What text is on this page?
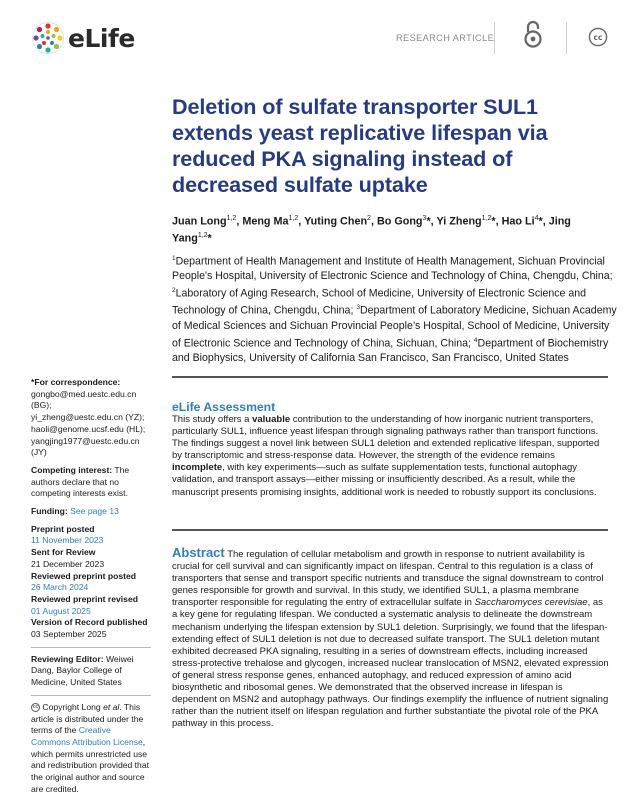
eLife	RESEARCH ARTICLE	cc
Deletion of sulfate transporter SUL1 extends yeast replicative lifespan via reduced PKA signaling instead of decreased sulfate uptake
Juan Long$^{1,2}$, Meng Ma$^{1,2}$, Yuting Chen$^2$, Bo Gong$^3$*, Yi Zheng$^{1,2}$*, Hao Li$^4$*, Jing Yang$^{1,2}$*
$^1$Department of Health Management and Institute of Health Management, Sichuan Provincial People's Hospital, University of Electronic Science and Technology of China, Chengdu, China; $^2$Laboratory of Aging Research, School of Medicine, University of Electronic Science and Technology of China, Chengdu, China; $^3$Department of Laboratory Medicine, Sichuan Academy of Medical Sciences and Sichuan Provincial People’s Hospital, School of Medicine, University of Electronic Science and Technology of China, Sichuan, China; $^4$Department of Biochemistry and Biophysics, University of California San Francisco, San Francisco, United States
*For correspondence:
gongbo@med.uestc.edu.cn (BG);
yi_zheng@uestc.edu.cn (YZ);
haoli@genome.ucsf.edu (HL);
yangjing1977@uestc.edu.cn (JY)
Competing interest: The authors declare that no competing interests exist.
Funding: See page 13
Preprint posted
11 November 2023
Sent for Review
21 December 2023
Reviewed preprint posted
26 March 2024
Reviewed preprint revised
01 August 2025
Version of Record published
03 September 2025
Reviewing Editor: Weiwei Dang, Baylor College of Medicine, United States
cc Copyright Long et al. This article is distributed under the terms of the Creative Commons Attribution License, which permits unrestricted use and redistribution provided that the original author and source are credited.
eLife Assessment

This study offers a valuable contribution to the understanding of how inorganic nutrient transporters, particularly SUL1, influence yeast lifespan through signaling pathways rather than transport functions. The findings suggest a novel link between SUL1 deletion and extended replicative lifespan, supported by transcriptomic and stress-response data. However, the strength of the evidence remains incomplete, with key experiments—such as sulfate supplementation tests, functional autophagy validation, and transport assays—either missing or insufficiently described. As a result, while the manuscript presents promising insights, additional work is needed to robustly support its conclusions.

Abstract The regulation of cellular metabolism and growth in response to nutrient availability is crucial for cell survival and can significantly impact on lifespan. Central to this regulation is a class of transporters that sense and transport specific nutrients and transduce the signal downstream to control genes responsible for growth and survival. In this study, we identified SUL1, a plasma membrane transporter responsible for regulating the entry of extracellular sulfate in Saccharomyces cerevisiae, as a key gene for regulating lifespan. We conducted a systematic analysis to delineate the downstream mechanism underlying the lifespan extension by SUL1 deletion. Surprisingly, we found that the lifespan-extending effect of SUL1 deletion is not due to decreased sulfate transport. The SUL1 deletion mutant exhibited decreased PKA signaling, resulting in a series of downstream effects, including increased stress-protective trehalose and glycogen, increased nuclear translocation of MSN2, elevated expression of general stress response genes, enhanced autophagy, and reduced expression of amino acid biosynthetic and ribosomal genes. We demonstrated that the observed increase in lifespan is dependent on MSN2 and autophagy pathways. Our findings exemplify the influence of nutrient signaling rather than the nutrient itself on lifespan regulation and further substantiate the pivotal role of the PKA pathway in this process.
